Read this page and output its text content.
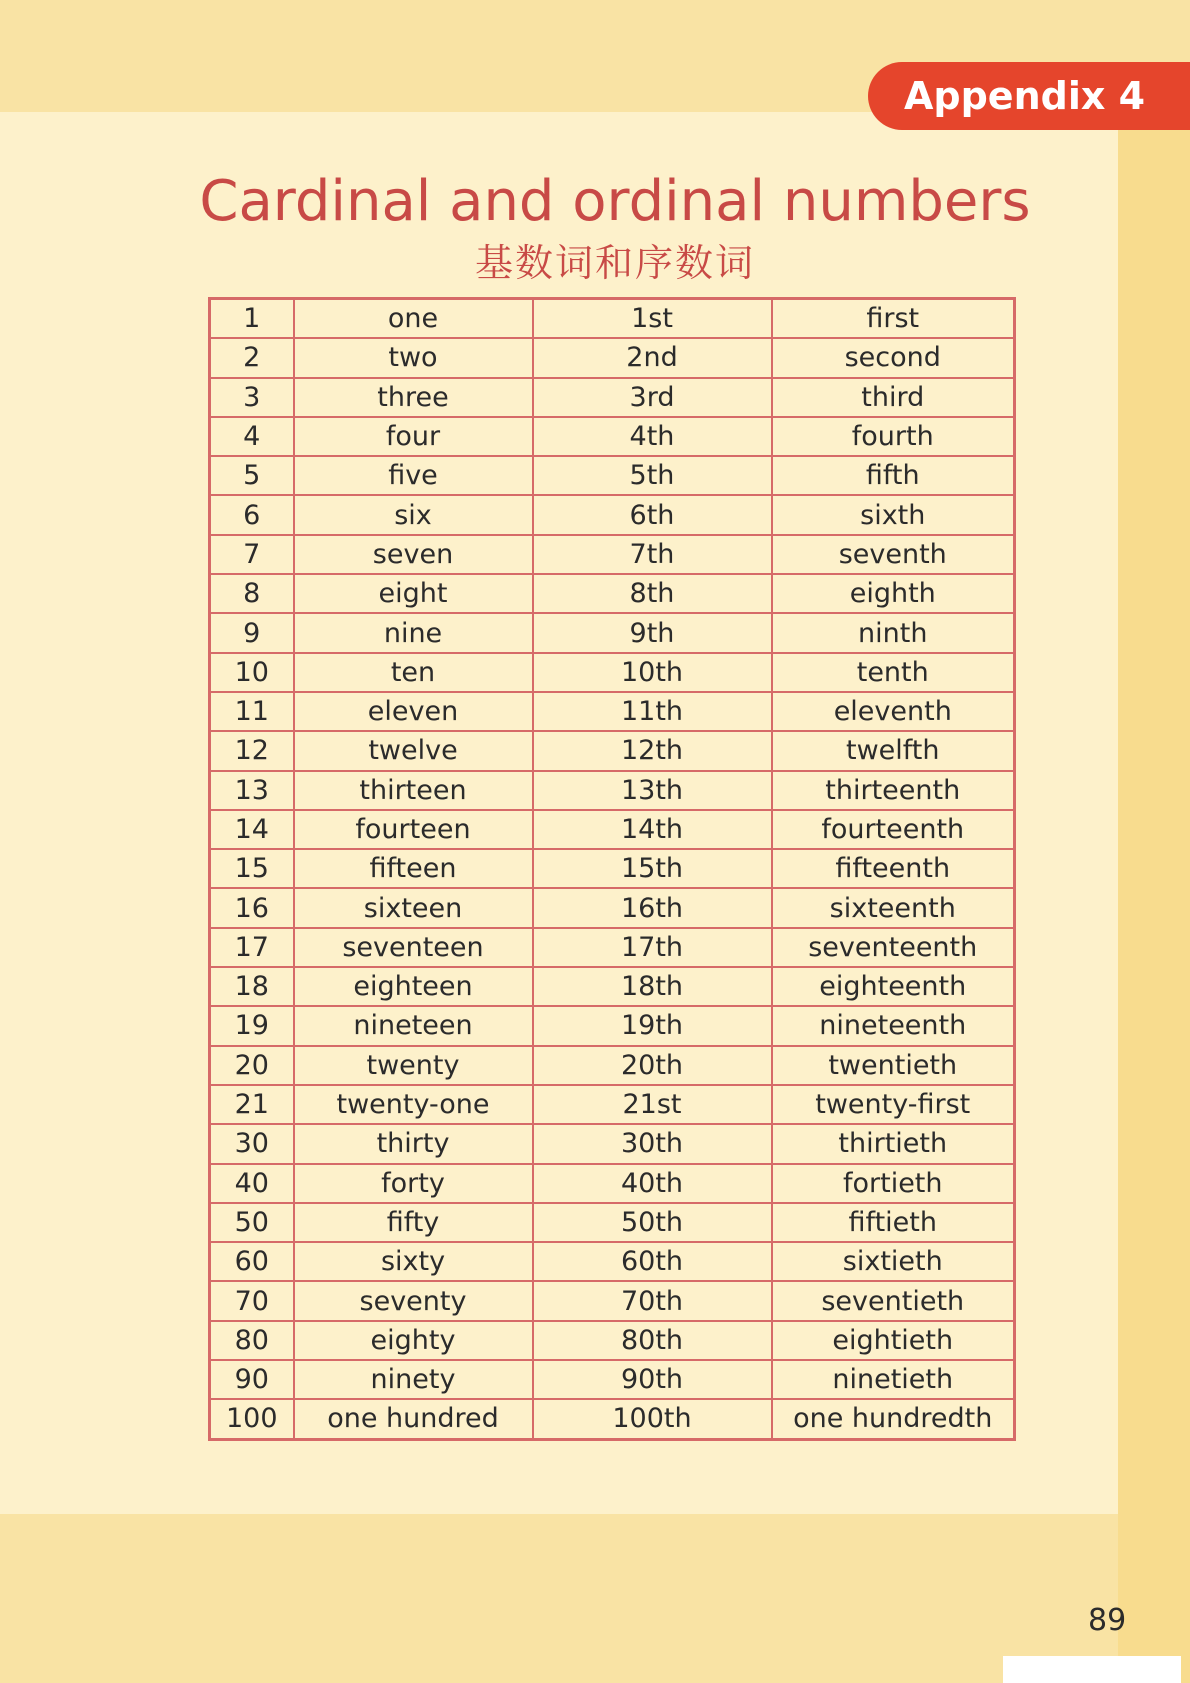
Appendix 4
Cardinal and ordinal numbers
基数词和序数词
1	one	1st	first
2	two	2nd	second
3	three	3rd	third
4	four	4th	fourth
5	five	5th	fifth
6	six	6th	sixth
7	seven	7th	seventh
8	eight	8th	eighth
9	nine	9th	ninth
10	ten	10th	tenth
11	eleven	11th	eleventh
12	twelve	12th	twelfth
13	thirteen	13th	thirteenth
14	fourteen	14th	fourteenth
15	fifteen	15th	fifteenth
16	sixteen	16th	sixteenth
17	seventeen	17th	seventeenth
18	eighteen	18th	eighteenth
19	nineteen	19th	nineteenth
20	twenty	20th	twentieth
21	twenty-one	21st	twenty-first
30	thirty	30th	thirtieth
40	forty	40th	fortieth
50	fifty	50th	fiftieth
60	sixty	60th	sixtieth
70	seventy	70th	seventieth
80	eighty	80th	eightieth
90	ninety	90th	ninetieth
100	one hundred	100th	one hundredth
89
